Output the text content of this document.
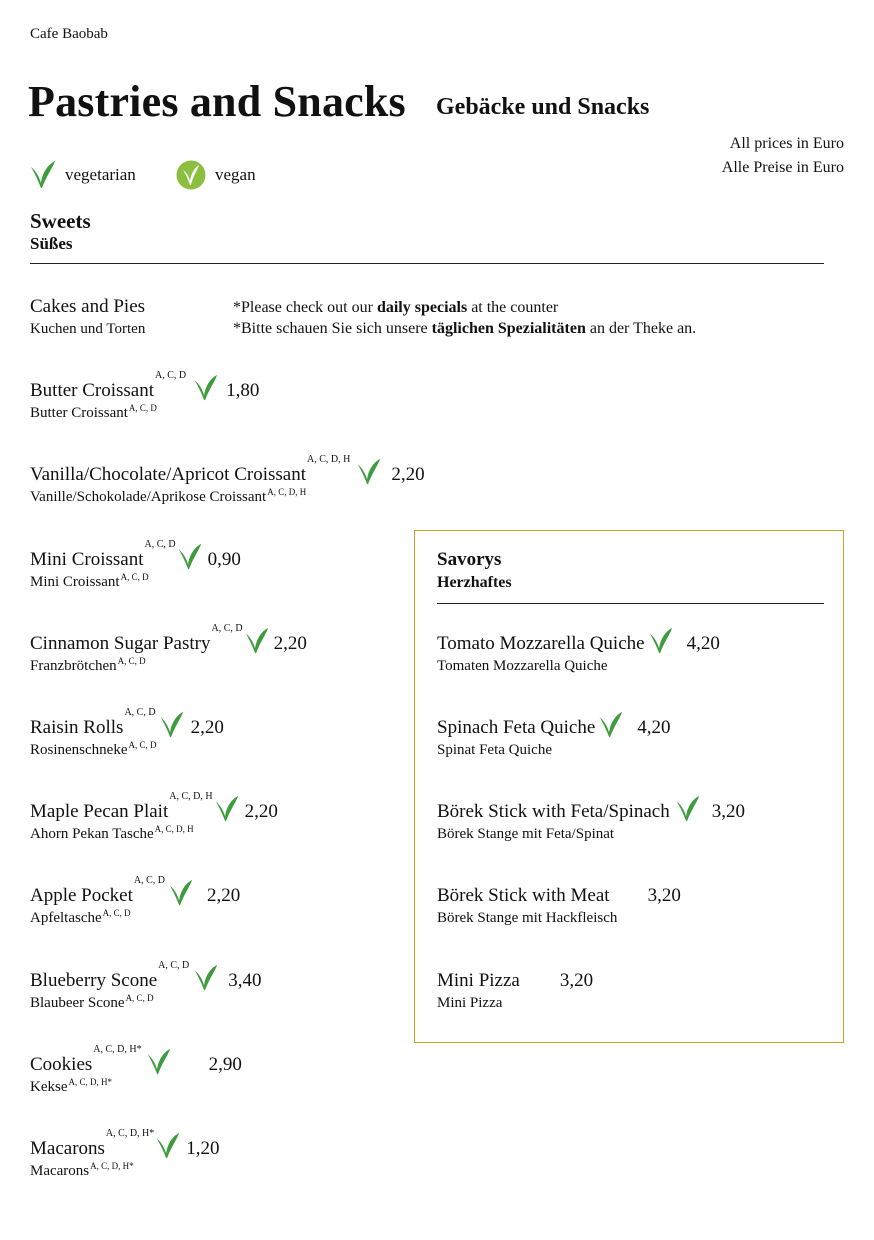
Cafe Baobab
Pastries and Snacks Gebäcke und Snacks
All prices in Euro
Alle Preise in Euro
vegetarian	vegan
Sweets
Süßes
Cakes and Pies
Kuchen und Torten
*Please check out our daily specials at the counter
*Bitte schauen Sie sich unsere täglichen Spezialitäten an der Theke an.
Butter Croissant
$^{A, C, D}$
1,80
Butter Croissant$^{A, C, D}$
Vanilla/Chocolate/Apricot Croissant
$^{A, C, D, H}$
2,20
Vanille/Schokolade/Aprikose Croissant$^{A, C, D, H}$
Mini Croissant
$^{A, C, D}$
0,90
Mini Croissant$^{A, C, D}$
Cinnamon Sugar Pastry
$^{A, C, D}$
2,20
Franzbrötchen$^{A, C, D}$
Raisin Rolls
$^{A, C, D}$
2,20
Rosinenschneke$^{A, C, D}$
Maple Pecan Plait
$^{A, C, D, H}$
2,20
Ahorn Pekan Tasche$^{A, C, D, H}$
Apple Pocket
$^{A, C, D}$
2,20
Apfeltasche$^{A, C, D}$
Blueberry Scone
$^{A, C, D}$
3,40
Blaubeer Scone$^{A, C, D}$
Cookies
$^{A, C, D, H*}$
2,90
Kekse$^{A, C, D, H*}$
Macarons
$^{A, C, D, H*}$
1,20
Macarons$^{A, C, D, H*}$
Savorys
Herzhaftes
Tomato Mozzarella Quiche 4,20
Tomaten Mozzarella Quiche
Spinach Feta Quiche 4,20
Spinat Feta Quiche
Börek Stick with Feta/Spinach 3,20
Börek Stange mit Feta/Spinat
Börek Stick with Meat 3,20
Börek Stange mit Hackfleisch
Mini Pizza 3,20
Mini Pizza
